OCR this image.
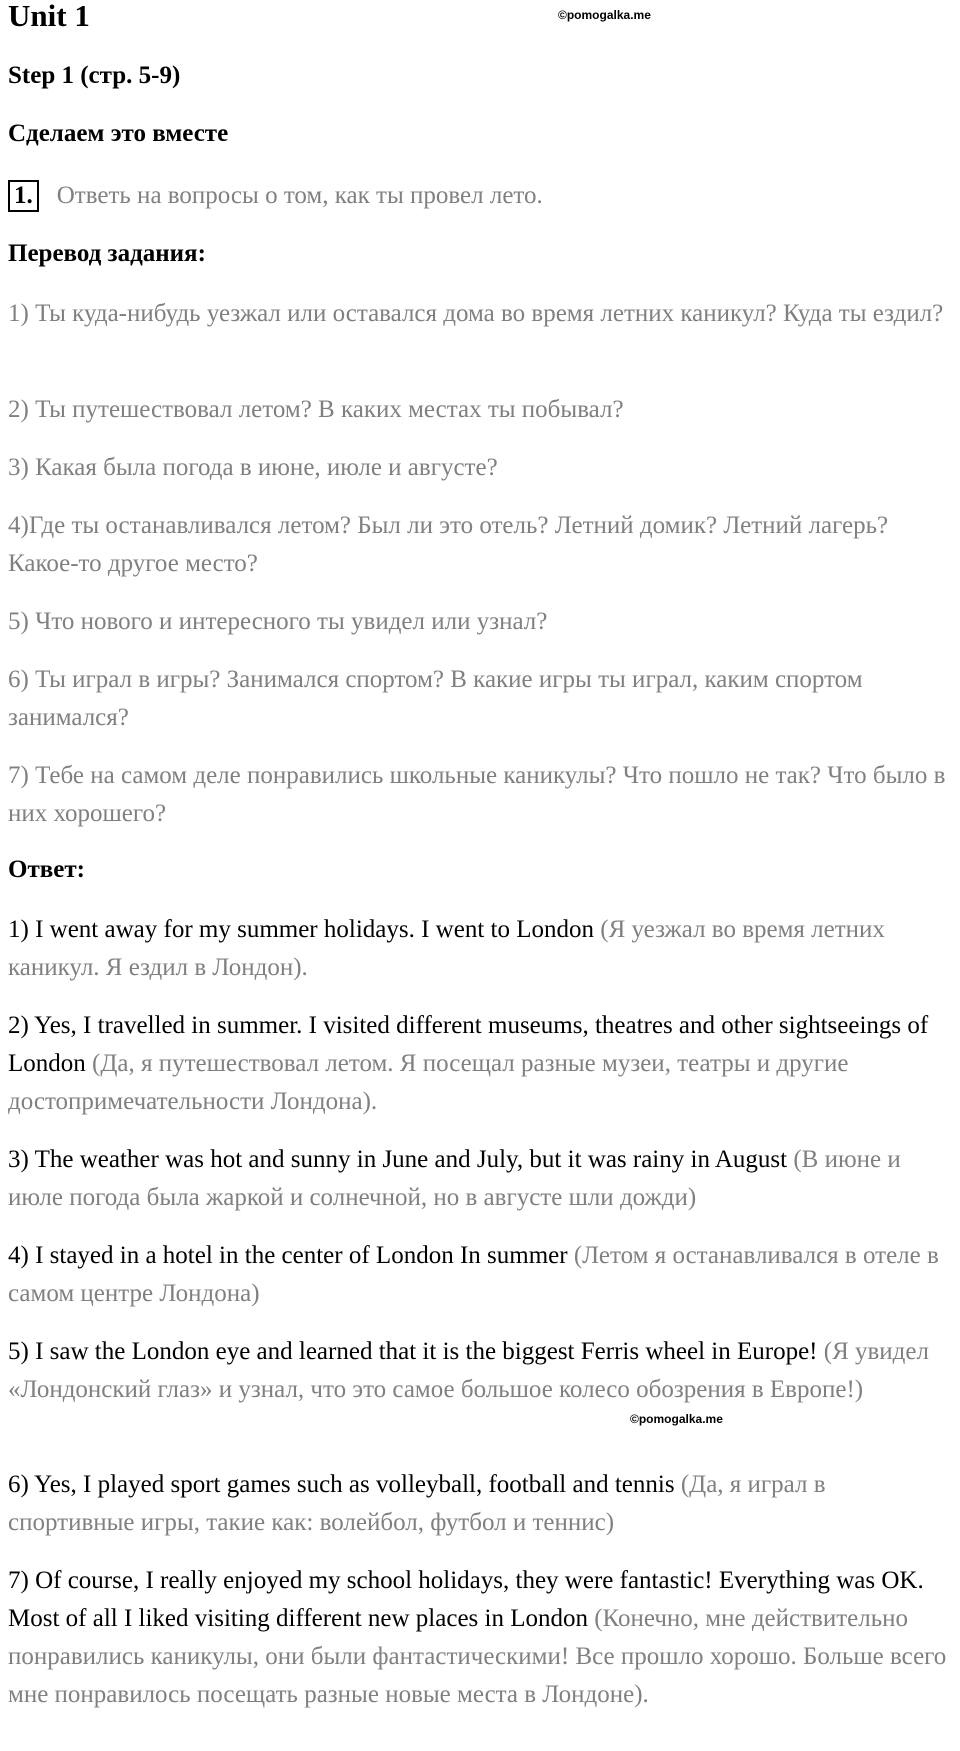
©pomogalka.me
©pomogalka.me
Unit 1
Step 1 (стр. 5-9)
Сделаем это вместе
1. Ответь на вопросы о том, как ты провел лето.
Перевод задания:

1) Ты куда-нибудь уезжал или оставался дома во время летних каникул? Куда ты ездил?

2) Ты путешествовал летом? В каких местах ты побывал?

3) Какая была погода в июне, июле и августе?

4)Где ты останавливался летом? Был ли это отель? Летний домик? Летний лагерь? Какое-то другое место?

5) Что нового и интересного ты увидел или узнал?

6) Ты играл в игры? Занимался спортом? В какие игры ты играл, каким спортом занимался?

7) Тебе на самом деле понравились школьные каникулы? Что пошло не так? Что было в них хорошего?

Ответ:

1) I went away for my summer holidays. I went to London (Я уезжал во время летних каникул. Я ездил в Лондон).

2) Yes, I travelled in summer. I visited different museums, theatres and other sightseeings of London (Да, я путешествовал летом. Я посещал разные музеи, театры и другие достопримечательности Лондона).

3) The weather was hot and sunny in June and July, but it was rainy in August (В июне и июле погода была жаркой и солнечной, но в августе шли дожди)

4) I stayed in a hotel in the center of London In summer (Летом я останавливался в отеле в самом центре Лондона)

5) I saw the London eye and learned that it is the biggest Ferris wheel in Europe! (Я увидел «Лондонский глаз» и узнал, что это самое большое колесо обозрения в Европе!)

6) Yes, I played sport games such as volleyball, football and tennis (Да, я играл в спортивные игры, такие как: волейбол, футбол и теннис)

7) Of course, I really enjoyed my school holidays, they were fantastic! Everything was OK. Most of all I liked visiting different new places in London (Конечно, мне действительно понравились каникулы, они были фантастическими! Все прошло хорошо. Больше всего мне понравилось посещать разные новые места в Лондоне).
